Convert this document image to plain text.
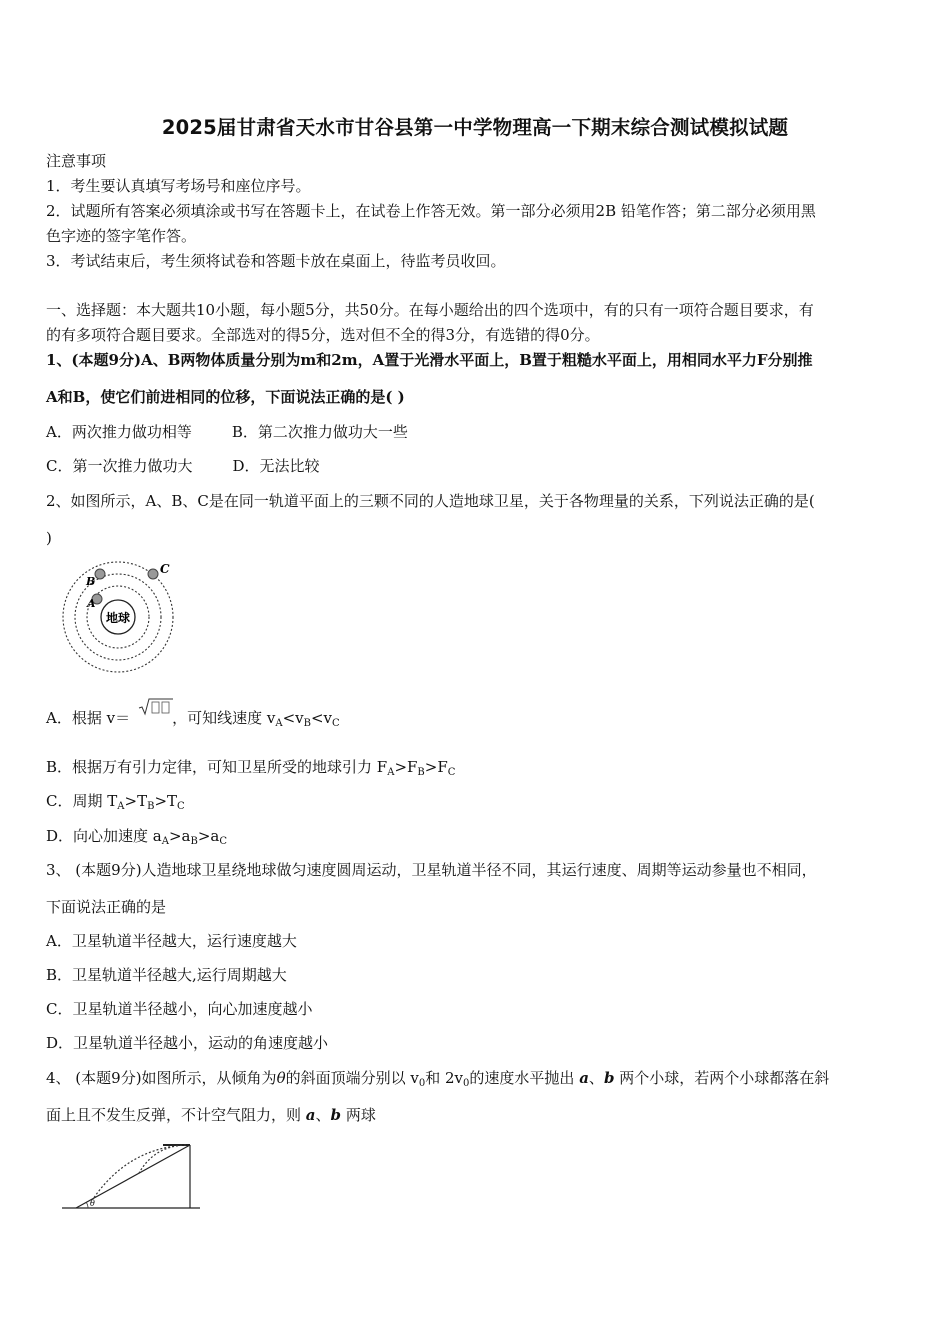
2025届甘肃省天水市甘谷县第一中学物理高一下期末综合测试模拟试题
注意事项
1．考生要认真填写考场号和座位序号。
2．试题所有答案必须填涂或书写在答题卡上，在试卷上作答无效。第一部分必须用2B 铅笔作答；第二部分必须用黑
色字迹的签字笔作答。
3．考试结束后，考生须将试卷和答题卡放在桌面上，待监考员收回。
一、选择题：本大题共10小题，每小题5分，共50分。在每小题给出的四个选项中，有的只有一项符合题目要求，有
的有多项符合题目要求。全部选对的得5分，选对但不全的得3分，有选错的得0分。
1、(本题9分)A、B两物体质量分别为m和2m，A置于光滑水平面上，B置于粗糙水平面上，用相同水平力F分别推
A和B，使它们前进相同的位移，下面说法正确的是( )
A．两次推力做功相等	B．第二次推力做功大一些
C．第一次推力做功大	D．无法比较
2、如图所示，A、B、C是在同一轨道平面上的三颗不同的人造地球卫星，关于各物理量的关系，下列说法正确的是(
)
地球
A
B
C
A．根据 v＝	，可知线速度 $v_A<v_B<v_C$
B．根据万有引力定律，可知卫星所受的地球引力 $F_A>F_B>F_C$
C．周期 $T_A>T_B>T_C$
D．向心加速度 $a_A>a_B>a_C$
3、 (本题9分)人造地球卫星绕地球做匀速度圆周运动，卫星轨道半径不同，其运行速度、周期等运动参量也不相同，
下面说法正确的是
A．卫星轨道半径越大，运行速度越大
B．卫星轨道半径越大,运行周期越大
C．卫星轨道半径越小，向心加速度越小
D．卫星轨道半径越小，运动的角速度越小
4、 (本题9分)如图所示，从倾角为θ的斜面顶端分别以 $v_0$和 $2v_0$的速度水平抛出 a、b 两个小球，若两个小球都落在斜
面上且不发生反弹，不计空气阻力，则 a、b 两球
θ
